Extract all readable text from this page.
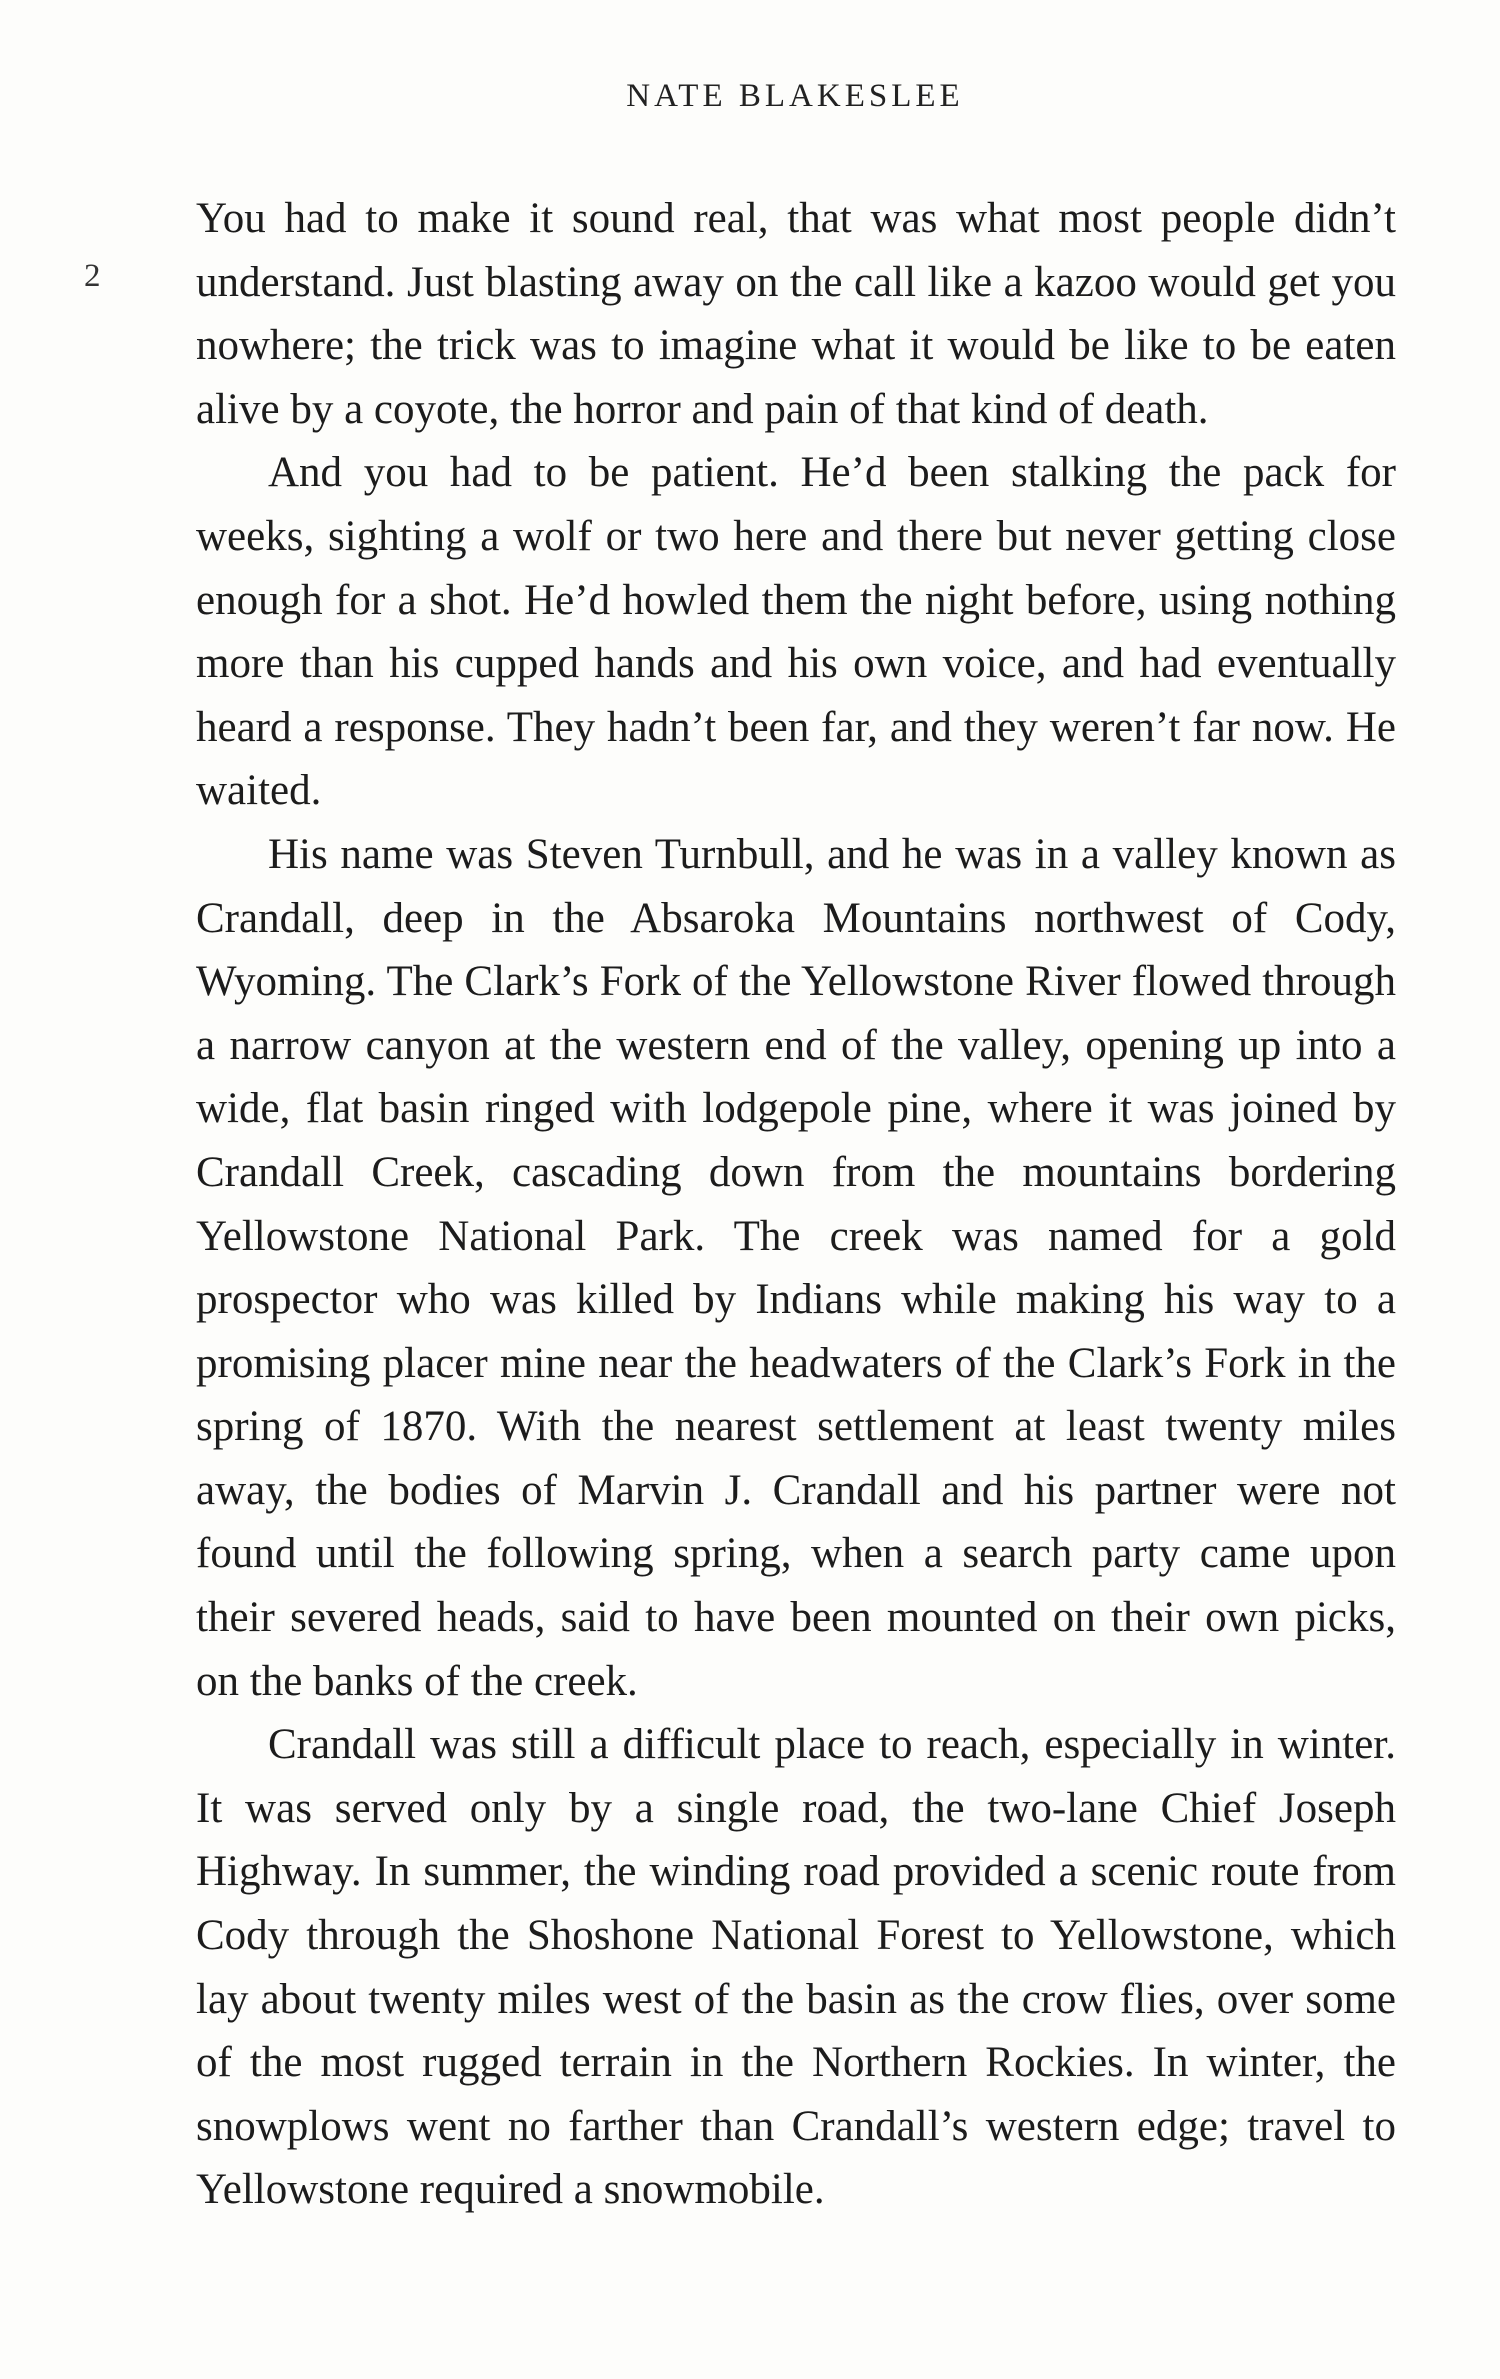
NATE BLAKESLEE
2

You had to make it sound real, that was what most people didn’t understand. Just blasting away on the call like a kazoo would get you nowhere; the trick was to imagine what it would be like to be eaten alive by a coyote, the horror and pain of that kind of death.

And you had to be patient. He’d been stalking the pack for weeks, sighting a wolf or two here and there but never getting close enough for a shot. He’d howled them the night before, using nothing more than his cupped hands and his own voice, and had eventually heard a response. They hadn’t been far, and they weren’t far now. He waited.

His name was Steven Turnbull, and he was in a valley known as Crandall, deep in the Absaroka Mountains northwest of Cody, Wyoming. The Clark’s Fork of the Yellowstone River flowed through a narrow canyon at the western end of the valley, opening up into a wide, flat basin ringed with lodgepole pine, where it was joined by Crandall Creek, cascading down from the mountains bordering Yellowstone National Park. The creek was named for a gold prospector who was killed by Indians while making his way to a promising placer mine near the headwaters of the Clark’s Fork in the spring of 1870. With the nearest settlement at least twenty miles away, the bodies of Marvin J. Crandall and his partner were not found until the following spring, when a search party came upon their severed heads, said to have been mounted on their own picks, on the banks of the creek.

Crandall was still a difficult place to reach, especially in winter. It was served only by a single road, the two-lane Chief Joseph Highway. In summer, the winding road provided a scenic route from Cody through the Shoshone National Forest to Yellowstone, which lay about twenty miles west of the basin as the crow flies, over some of the most rugged terrain in the Northern Rockies. In winter, the snowplows went no farther than Crandall’s western edge; travel to Yellowstone required a snowmobile.
